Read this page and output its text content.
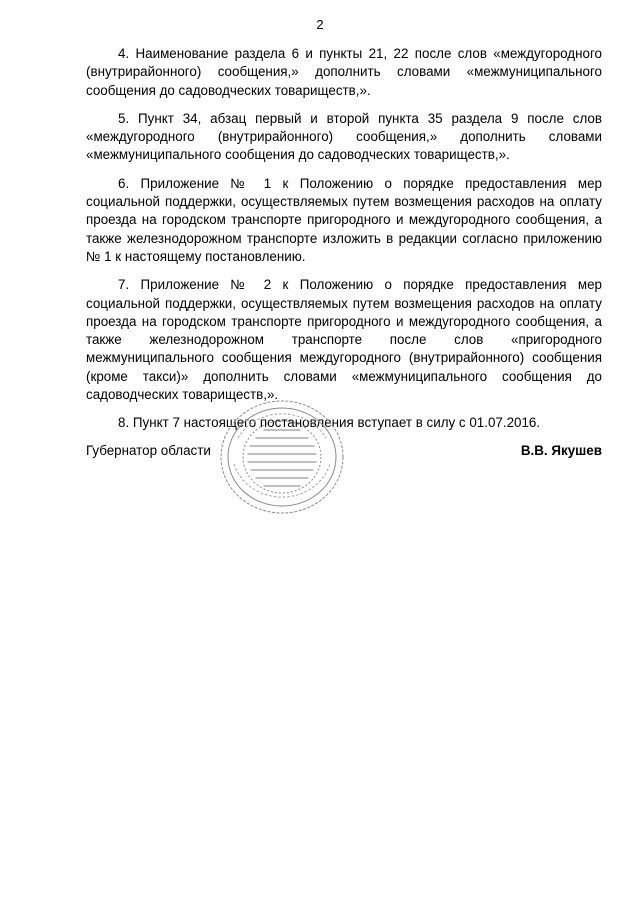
2

4. Наименование раздела 6 и пункты 21, 22 после слов «междугородного (внутрирайонного) сообщения,» дополнить словами «межмуниципального сообщения до садоводческих товариществ,».

5. Пункт 34, абзац первый и второй пункта 35 раздела 9 после слов «междугородного (внутрирайонного) сообщения,» дополнить словами «межмуниципального сообщения до садоводческих товариществ,».

6. Приложение № 1 к Положению о порядке предоставления мер социальной поддержки, осуществляемых путем возмещения расходов на оплату проезда на городском транспорте пригородного и междугородного сообщения, а также железнодорожном транспорте изложить в редакции согласно приложению № 1 к настоящему постановлению.

7. Приложение № 2 к Положению о порядке предоставления мер социальной поддержки, осуществляемых путем возмещения расходов на оплату проезда на городском транспорте пригородного и междугородного сообщения, а также железнодорожном транспорте после слов «пригородного межмуниципального сообщения междугородного (внутрирайонного) сообщения (кроме такси)» дополнить словами «межмуниципального сообщения до садоводческих товариществ,».

8. Пункт 7 настоящего постановления вступает в силу с 01.07.2016.

Губернатор области	В.В. Якушев
